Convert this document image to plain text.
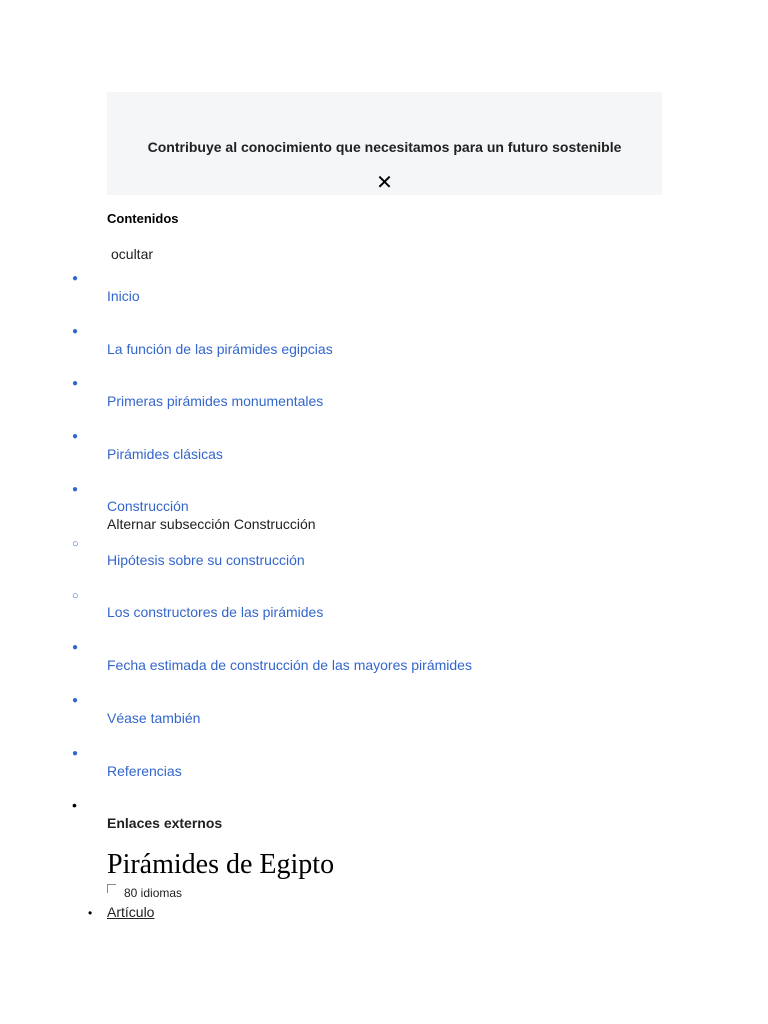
Contribuye al conocimiento que necesitamos para un futuro sostenible
✕
Contenidos
ocultar
●
Inicio
●
La función de las pirámides egipcias
●
Primeras pirámides monumentales
●
Pirámides clásicas
●
Construcción
Alternar subsección Construcción
○
Hipótesis sobre su construcción
○
Los constructores de las pirámides
●
Fecha estimada de construcción de las mayores pirámides
●
Véase también
●
Referencias
•
Enlaces externos
Pirámides de Egipto
80 idiomas
• Artículo
